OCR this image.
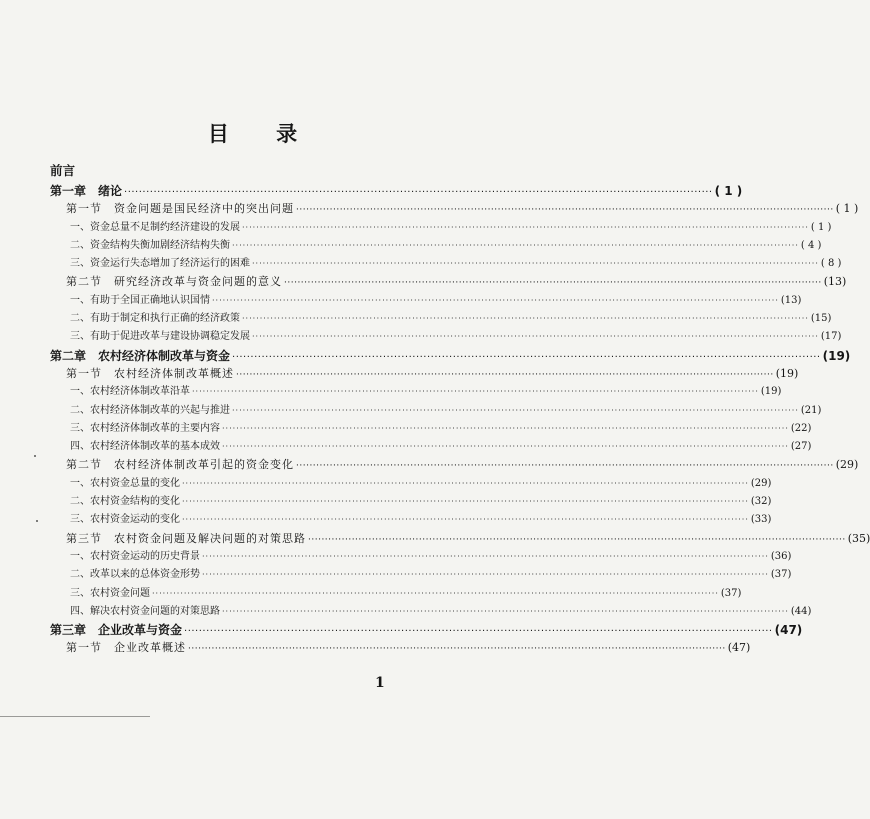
目 录
前言
第一章　绪论 ································································································································································ ( 1 )
第一节　资金问题是国民经济中的突出问题 ································································································································································ ( 1 )
一、资金总量不足制约经济建设的发展 ································································································································································ ( 1 )
二、资金结构失衡加剧经济结构失衡 ································································································································································ ( 4 )
三、资金运行失态增加了经济运行的困难 ································································································································································ ( 8 )
第二节　研究经济改革与资金问题的意义 ································································································································································ (13)
一、有助于全国正确地认识国情 ································································································································································ (13)
二、有助于制定和执行正确的经济政策 ································································································································································ (15)
三、有助于促进改革与建设协调稳定发展 ································································································································································ (17)
第二章　农村经济体制改革与资金 ································································································································································ (19)
第一节　农村经济体制改革概述 ································································································································································ (19)
一、农村经济体制改革沿革 ································································································································································ (19)
二、农村经济体制改革的兴起与推进 ································································································································································ (21)
三、农村经济体制改革的主要内容 ································································································································································ (22)
四、农村经济体制改革的基本成效 ································································································································································ (27)
第二节　农村经济体制改革引起的资金变化 ································································································································································ (29)
一、农村资金总量的变化 ································································································································································ (29)
二、农村资金结构的变化 ································································································································································ (32)
三、农村资金运动的变化 ································································································································································ (33)
第三节　农村资金问题及解决问题的对策思路 ································································································································································ (35)
一、农村资金运动的历史背景 ································································································································································ (36)
二、改革以来的总体资金形势 ································································································································································ (37)
三、农村资金问题 ································································································································································ (37)
四、解决农村资金问题的对策思路 ································································································································································ (44)
第三章　企业改革与资金 ································································································································································ (47)
第一节　企业改革概述 ································································································································································ (47)
1
